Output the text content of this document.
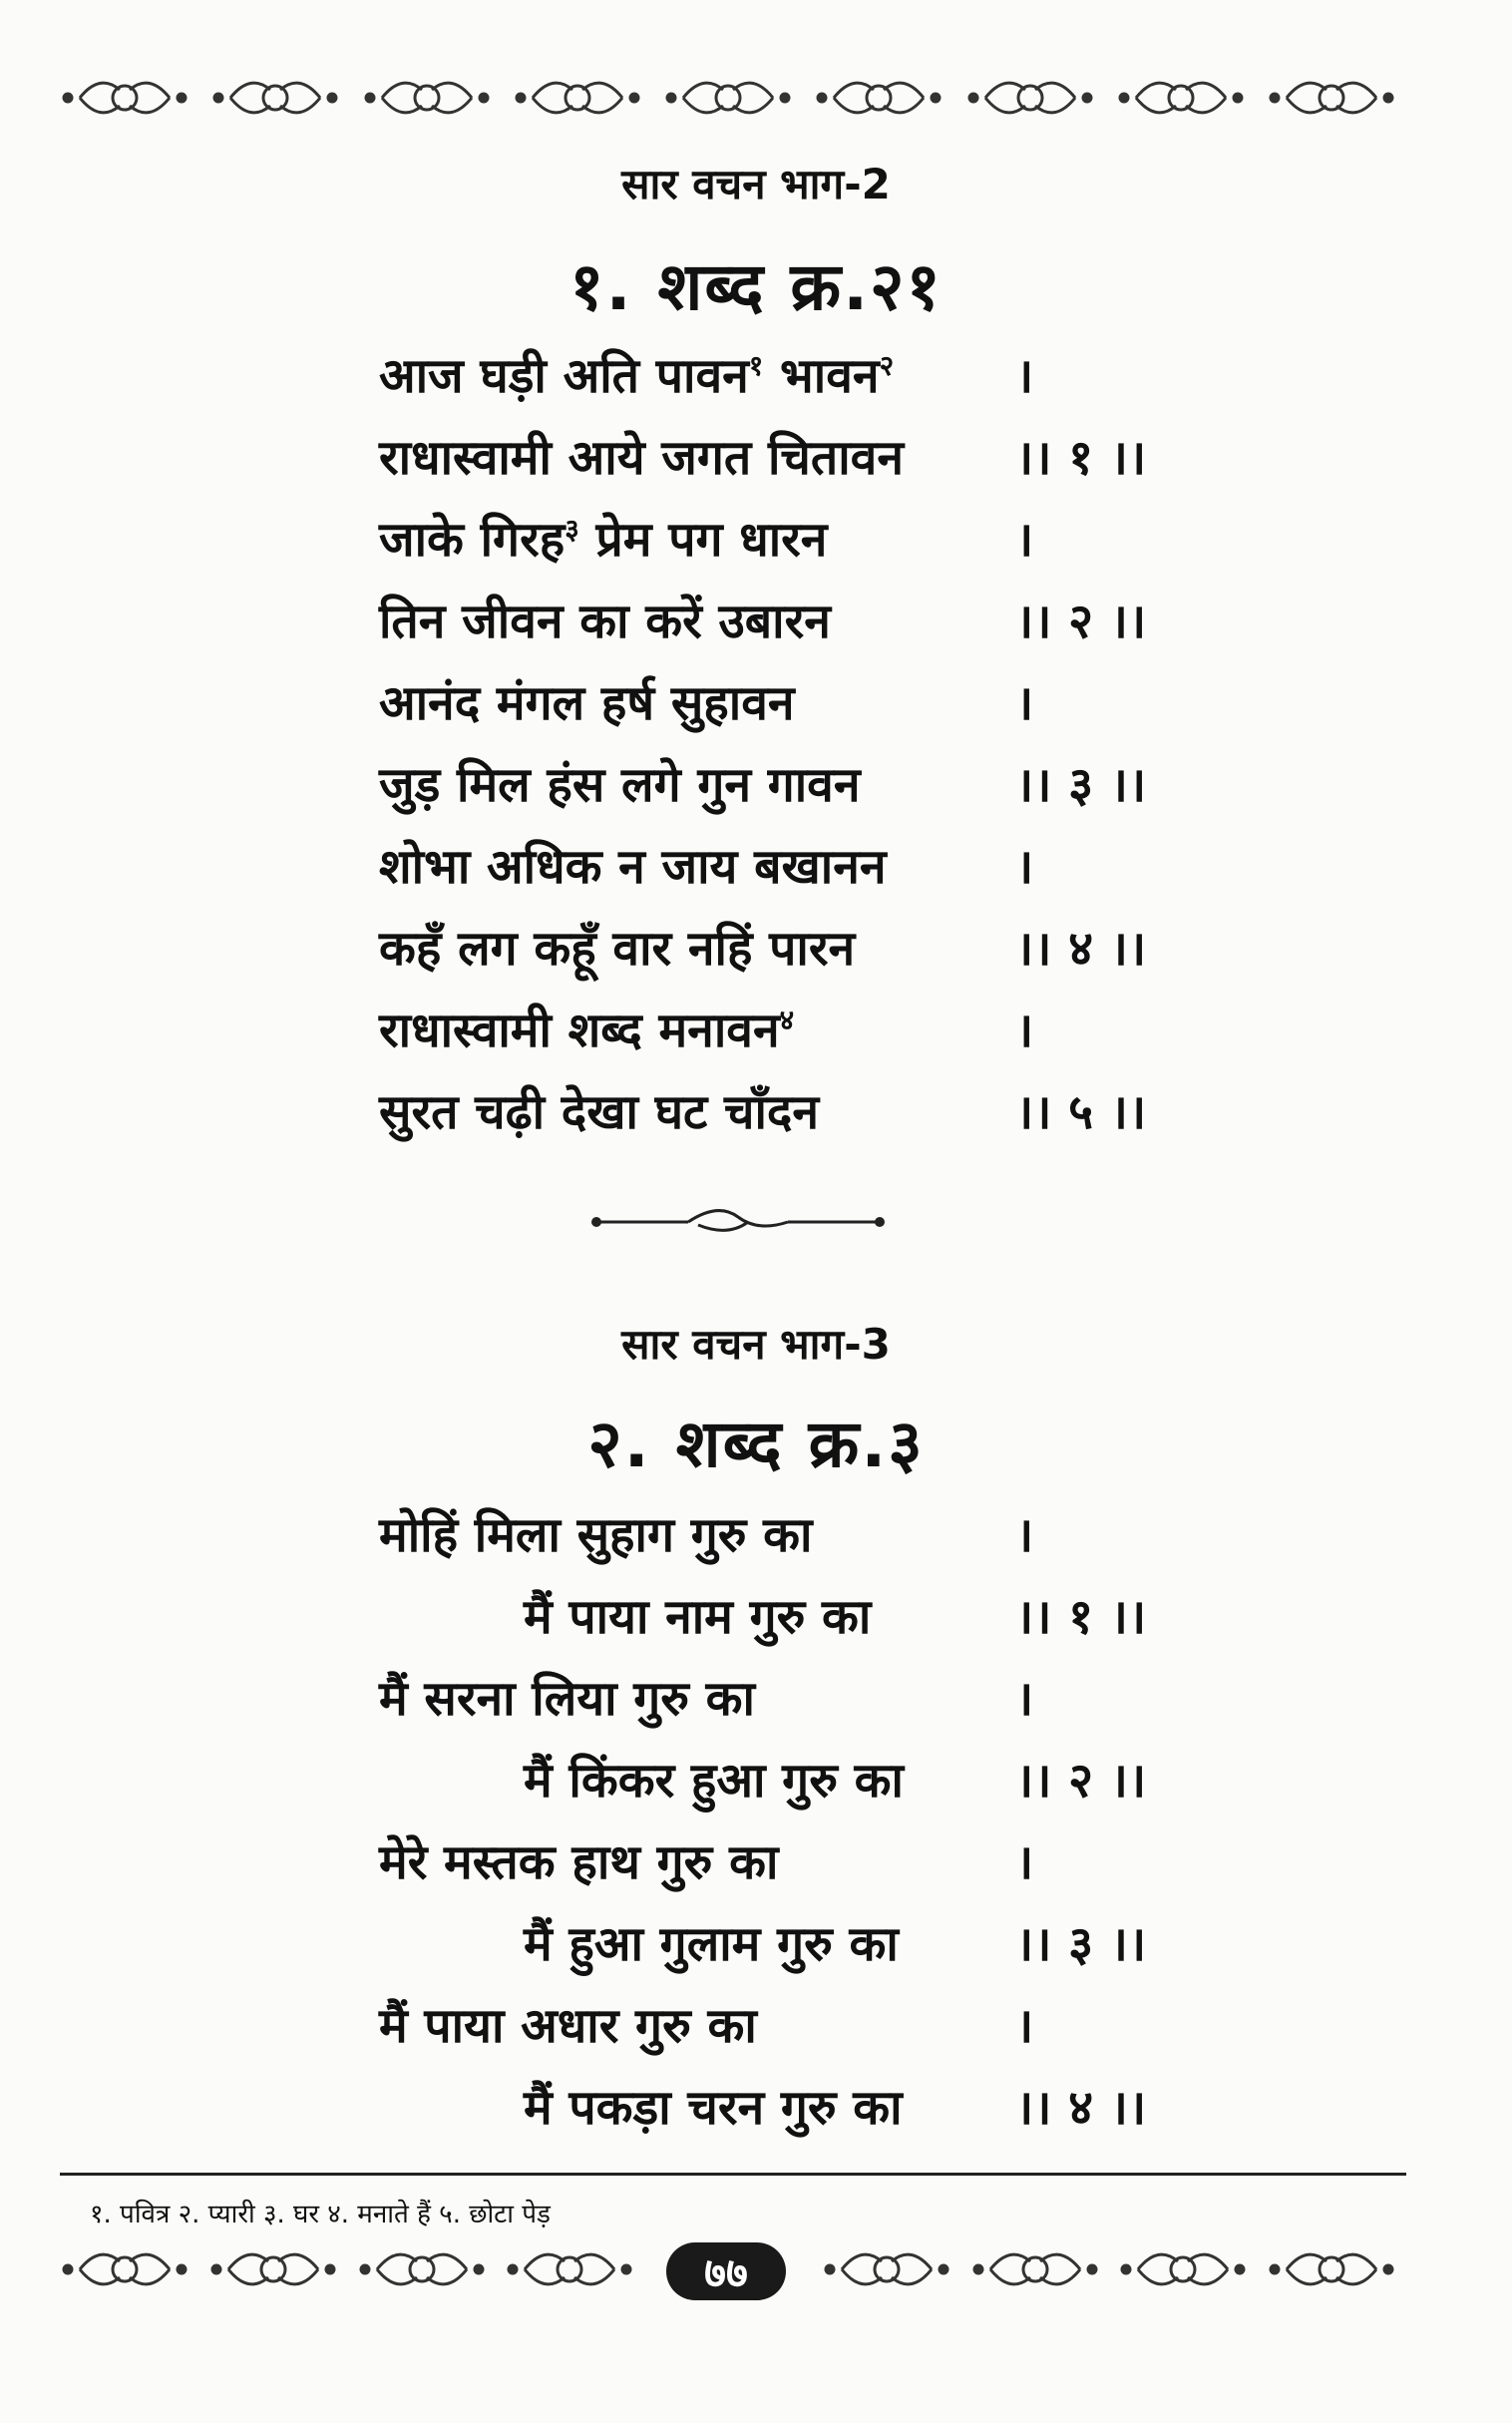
सार वचन भाग-2
१. शब्द क्र.२१
आज घड़ी अति पावन$^१$ भावन$^२$	।
राधास्वामी आये जगत चितावन ।। १ ।।
जाके गिरह$^३$ प्रेम पग धारन	।
तिन जीवन का करें उबारन	।। २ ।।
आनंद मंगल हर्ष सुहावन	।
जुड़ मिल हंस लगे गुन गावन	।। ३ ।।
शोभा अधिक न जाय बखानन	।
कहँ लग कहूँ वार नहिं पारन	।। ४ ।।
राधास्वामी शब्द मनावन$^४$	।
सुरत चढ़ी देखा घट चाँदन	।। ५ ।।
सार वचन भाग-3
२. शब्द क्र.३
मोहिं मिला सुहाग गुरु का	।
मैं पाया नाम गुरु का	।। १ ।।
मैं सरना लिया गुरु का	।
मैं किंकर हुआ गुरु का ।। २ ।।
मेरे मस्तक हाथ गुरु का	।
मैं हुआ गुलाम गुरु का ।। ३ ।।
मैं पाया अधार गुरु का	।
मैं पकड़ा चरन गुरु का ।। ४ ।।
१. पवित्र २. प्यारी ३. घर ४. मनाते हैं ५. छोटा पेड़
७७
